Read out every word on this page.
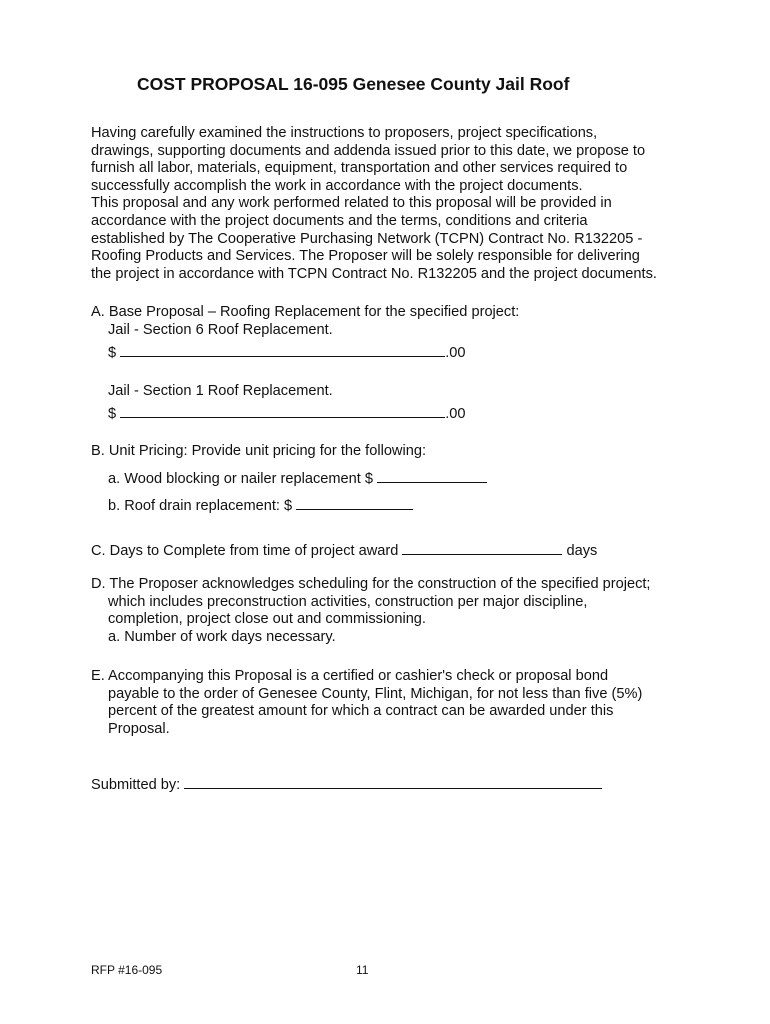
COST PROPOSAL 16-095 Genesee County Jail Roof
Having carefully examined the instructions to proposers, project specifications,
drawings, supporting documents and addenda issued prior to this date, we propose to
furnish all labor, materials, equipment, transportation and other services required to
successfully accomplish the work in accordance with the project documents.
This proposal and any work performed related to this proposal will be provided in
accordance with the project documents and the terms, conditions and criteria
established by The Cooperative Purchasing Network (TCPN) Contract No. R132205 -
Roofing Products and Services. The Proposer will be solely responsible for delivering
the project in accordance with TCPN Contract No. R132205 and the project documents.
A. Base Proposal – Roofing Replacement for the specified project:
Jail - Section 6 Roof Replacement.
$	.00
Jail - Section 1 Roof Replacement.
$	.00
B. Unit Pricing: Provide unit pricing for the following:
a. Wood blocking or nailer replacement $
b. Roof drain replacement: $
C. Days to Complete from time of project award	days
D. The Proposer acknowledges scheduling for the construction of the specified project;
which includes preconstruction activities, construction per major discipline,
completion, project close out and commissioning.
a. Number of work days necessary.
E. Accompanying this Proposal is a certified or cashier's check or proposal bond
payable to the order of Genesee County, Flint, Michigan, for not less than five (5%)
percent of the greatest amount for which a contract can be awarded under this
Proposal.
Submitted by:
RFP #16-095	11
